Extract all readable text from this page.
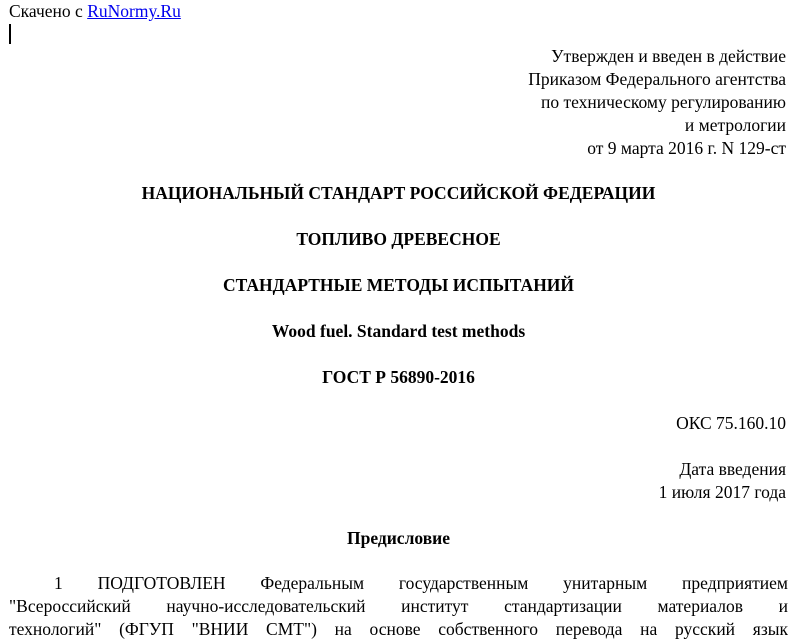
Скачено с RuNormy.Ru
Утвержден и введен в действие
Приказом Федерального агентства
по техническому регулированию
и метрологии
от 9 марта 2016 г. N 129-ст
НАЦИОНАЛЬНЫЙ СТАНДАРТ РОССИЙСКОЙ ФЕДЕРАЦИИ
ТОПЛИВО ДРЕВЕСНОЕ
СТАНДАРТНЫЕ МЕТОДЫ ИСПЫТАНИЙ
Wood fuel. Standard test methods
ГОСТ Р 56890-2016
ОКС 75.160.10
Дата введения
1 июля 2017 года
Предисловие
1 ПОДГОТОВЛЕН Федеральным государственным унитарным предприятием
"Всероссийский научно-исследовательский институт стандартизации материалов и
технологий" (ФГУП "ВНИИ СМТ") на основе собственного перевода на русский язык
